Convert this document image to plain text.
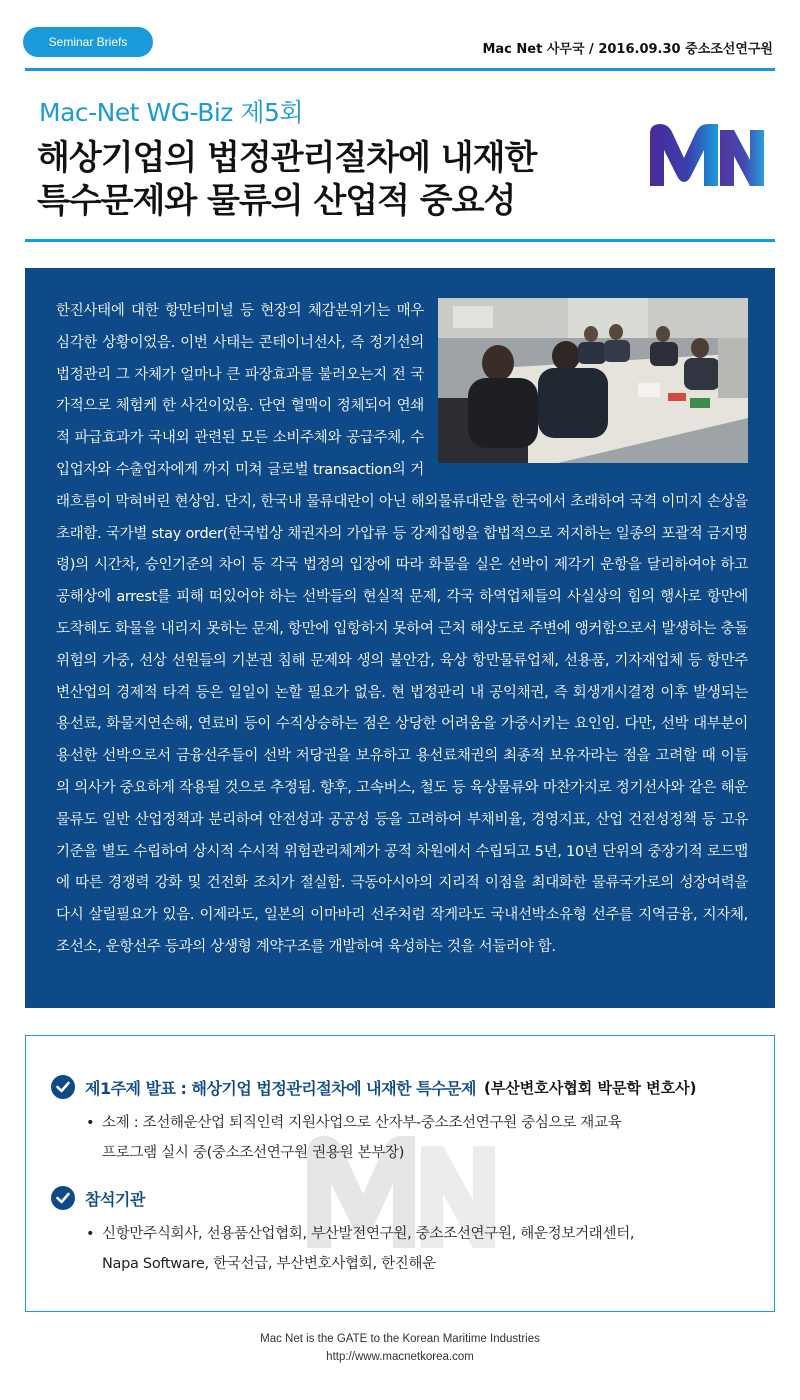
Seminar Briefs	Mac Net 사무국 / 2016.09.30 중소조선연구원
Mac-Net WG-Biz 제5회
해상기업의 법정관리절차에 내재한
특수문제와 물류의 산업적 중요성

한진사태에 대한 항만터미널 등 현장의 체감분위기는 매우 심각한 상황이었음. 이번 사태는 콘테이너선사, 즉 정기선의 법정관리 그 자체가 얼마나 큰 파장효과를 불러오는지 전 국가적으로 체험케 한 사건이었음. 단연 혈맥이 정체되어 연쇄적 파급효과가 국내외 관련된 모든 소비주체와 공급주체, 수입업자와 수출업자에게 까지 미쳐 글로벌 transaction의 거래흐름이 막혀버린 현상임. 단지, 한국내 물류대란이 아닌 해외물류대란을 한국에서 초래하여 국격 이미지 손상을 초래함. 국가별 stay order(한국법상 채권자의 가압류 등 강제집행을 합법적으로 저지하는 일종의 포괄적 금지명령)의 시간차, 승인기준의 차이 등 각국 법정의 입장에 따라 화물을 실은 선박이 제각기 운항을 달리하여야 하고 공해상에 arrest를 피해 떠있어야 하는 선박들의 현실적 문제, 각국 하역업체들의 사실상의 힘의 행사로 항만에 도착해도 화물을 내리지 못하는 문제, 항만에 입항하지 못하여 근처 해상도로 주변에 앵커함으로서 발생하는 충돌위험의 가중, 선상 선원들의 기본권 침해 문제와 생의 불안감, 육상 항만물류업체, 선용품, 기자재업체 등 항만주변산업의 경제적 타격 등은 일일이 논할 필요가 없음. 현 법정관리 내 공익채권, 즉 회생개시결정 이후 발생되는 용선료, 화물지연손해, 연료비 등이 수직상승하는 점은 상당한 어려움을 가중시키는 요인임. 다만, 선박 대부분이 용선한 선박으로서 금융선주들이 선박 저당권을 보유하고 용선료채권의 최종적 보유자라는 점을 고려할 때 이들의 의사가 중요하게 작용될 것으로 추정됨. 향후, 고속버스, 철도 등 육상물류와 마찬가지로 정기선사와 같은 해운물류도 일반 산업정책과 분리하여 안전성과 공공성 등을 고려하여 부채비율, 경영지표, 산업 건전성정책 등 고유기준을 별도 수립하여 상시적 수시적 위험관리체계가 공적 차원에서 수립되고 5년, 10년 단위의 중장기적 로드맵에 따른 경쟁력 강화 및 건전화 조치가 절실함. 극동아시아의 지리적 이점을 최대화한 물류국가로의 성장여력을 다시 살릴필요가 있음. 이제라도, 일본의 이마바리 선주처럼 작게라도 국내선박소유형 선주를 지역금융, 지자체, 조선소, 운항선주 등과의 상생형 계약구조를 개발하여 육성하는 것을 서둘러야 함.

제1주제 발표 : 해상기업 법정관리절차에 내재한 특수문제 (부산변호사협회 박문학 변호사)
• 소제 : 조선해운산업 퇴직인력 지원사업으로 산자부-중소조선연구원 중심으로 재교육
프로그램 실시 중(중소조선연구원 권용원 본부장)
참석기관
• 신항만주식회사, 선용품산업협회, 부산발전연구원, 중소조선연구원, 해운정보거래센터,
Napa Software, 한국선급, 부산변호사협회, 한진해운
Mac Net is the GATE to the Korean Maritime Industries
http://www.macnetkorea.com
